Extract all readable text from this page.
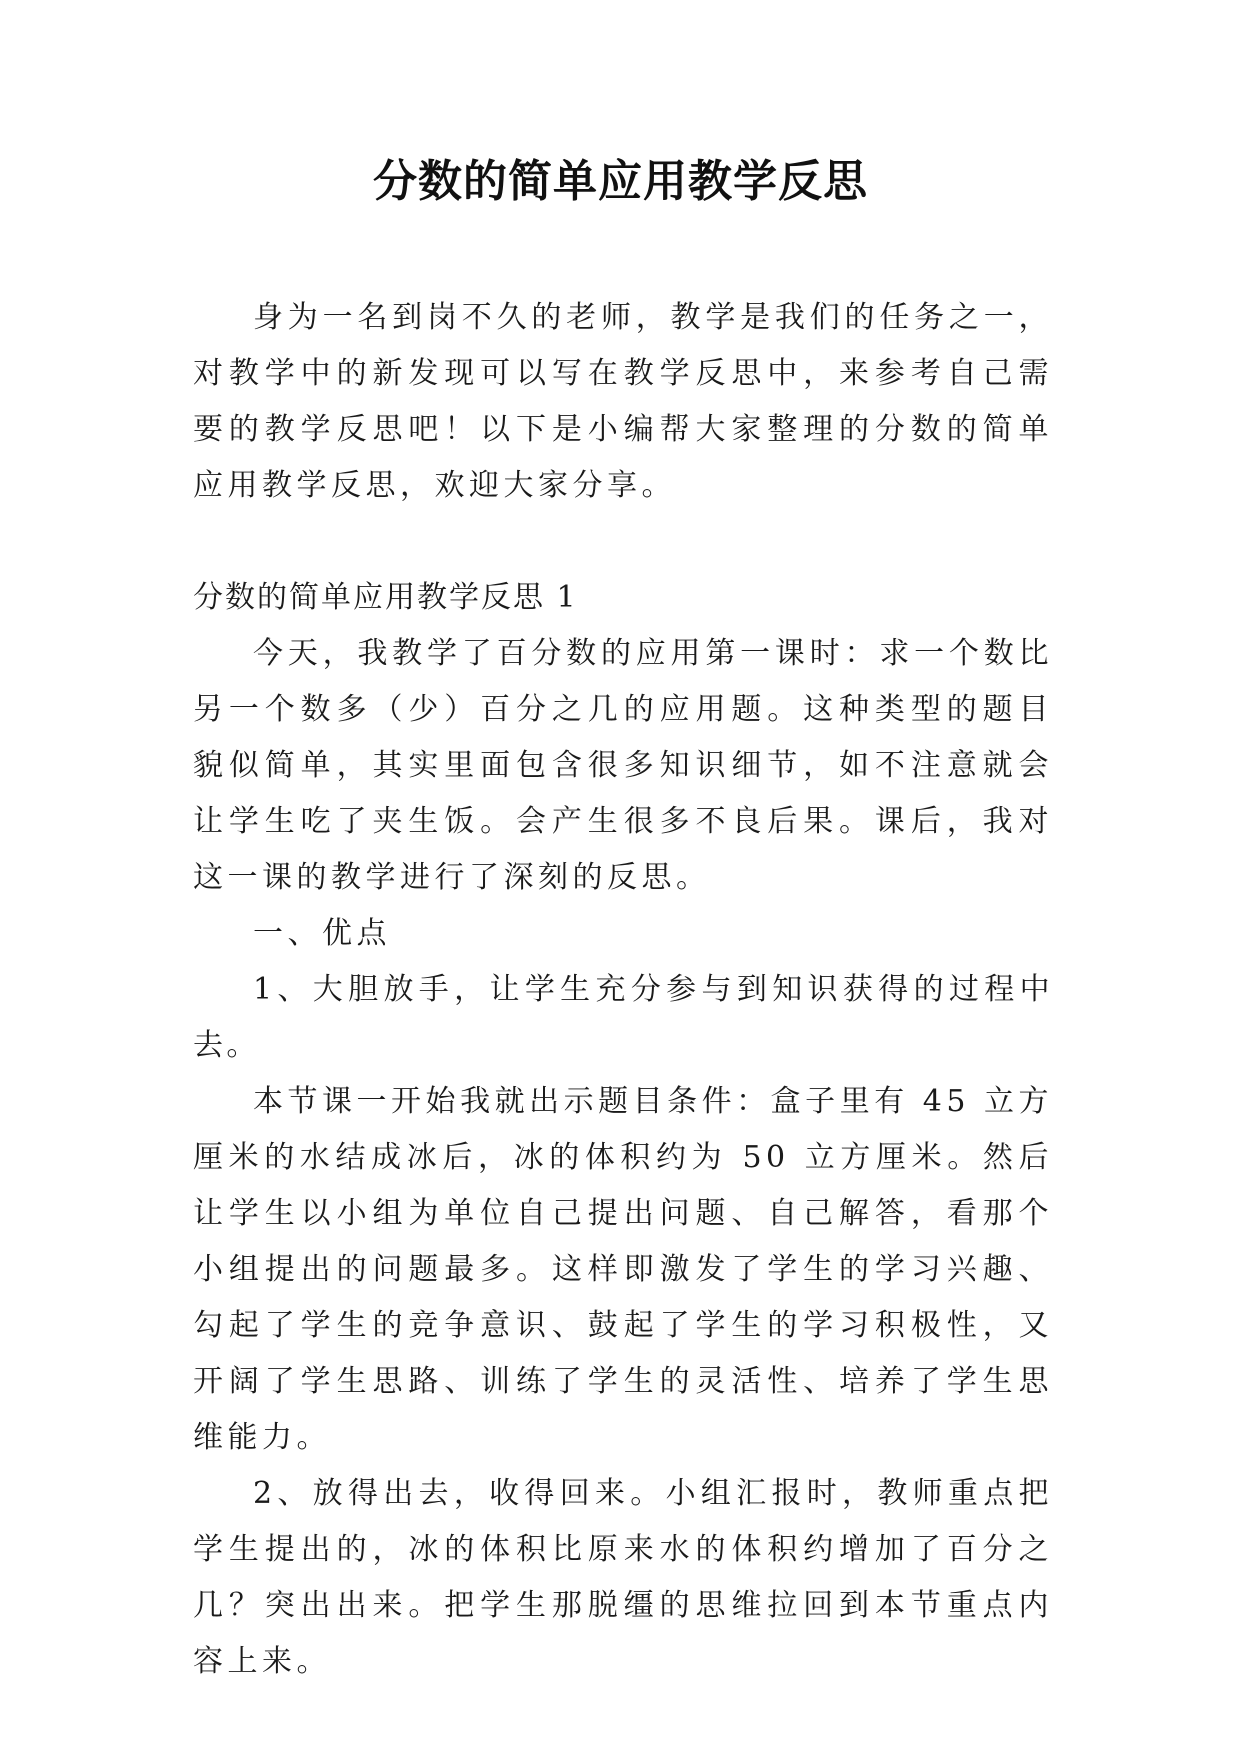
分数的简单应用教学反思

身为一名到岗不久的老师，教学是我们的任务之一，对教学中的新发现可以写在教学反思中，来参考自己需要的教学反思吧！以下是小编帮大家整理的分数的简单应用教学反思，欢迎大家分享。

分数的简单应用教学反思 1

今天，我教学了百分数的应用第一课时：求一个数比另一个数多（少）百分之几的应用题。这种类型的题目貌似简单，其实里面包含很多知识细节，如不注意就会让学生吃了夹生饭。会产生很多不良后果。课后，我对这一课的教学进行了深刻的反思。

一、优点

1、大胆放手，让学生充分参与到知识获得的过程中去。

本节课一开始我就出示题目条件：盒子里有 45 立方厘米的水结成冰后，冰的体积约为 50 立方厘米。然后让学生以小组为单位自己提出问题、自己解答，看那个小组提出的问题最多。这样即激发了学生的学习兴趣、勾起了学生的竞争意识、鼓起了学生的学习积极性，又开阔了学生思路、训练了学生的灵活性、培养了学生思维能力。

2、放得出去，收得回来。小组汇报时，教师重点把学生提出的，冰的体积比原来水的体积约增加了百分之几？突出出来。把学生那脱缰的思维拉回到本节重点内容上来。
